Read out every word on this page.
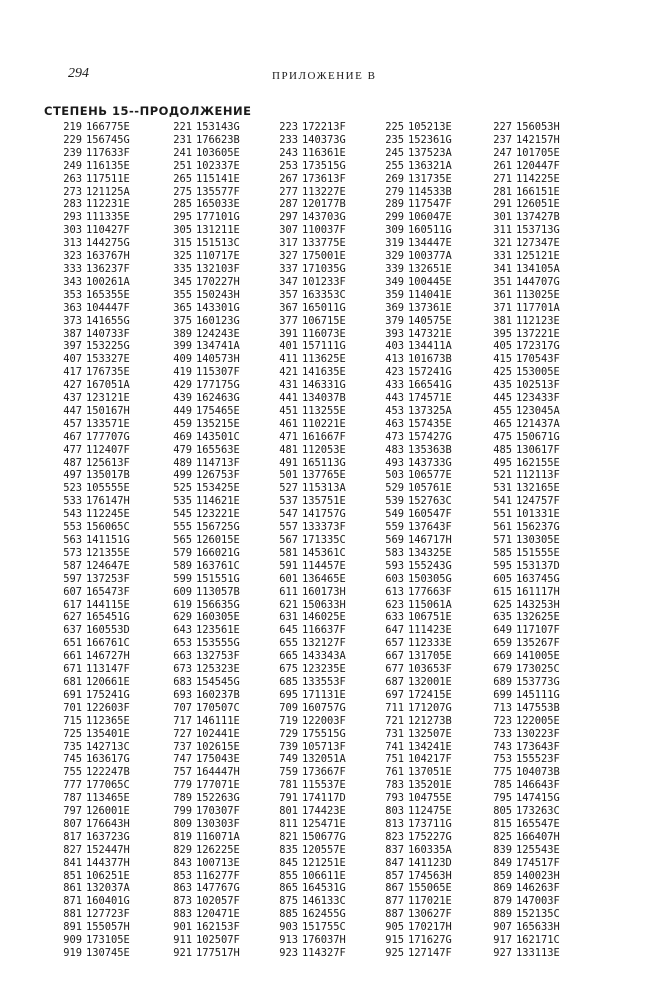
294	ПРИЛОЖЕНИЕ В
СТЕПЕНЬ 15--ПРОДОЛЖЕНИЕ
219 166775E	221 153143G	223 172213F	225 105213E	227 156053H
229 156745G	231 176623B	233 140373G	235 152361G	237 142157H
239 117633F	241 103605E	243 116361E	245 137523A	247 101705E
249 116135E	251 102337E	253 173515G	255 136321A	261 120447F
263 117511E	265 115141E	267 173613F	269 131735E	271 114225E
273 121125A	275 135577F	277 113227E	279 114533B	281 166151E
283 112231E	285 165033E	287 120177B	289 117547F	291 126051E
293 111335E	295 177101G	297 143703G	299 106047E	301 137427B
303 110427F	305 131211E	307 110037F	309 160511G	311 153713G
313 144275G	315 151513C	317 133775E	319 134447E	321 127347E
323 163767H	325 110717E	327 175001E	329 100377A	331 125121E
333 136237F	335 132103F	337 171035G	339 132651E	341 134105A
343 100261A	345 170227H	347 101233F	349 100445E	351 144707G
353 165355E	355 150243H	357 163353C	359 114041E	361 113025E
363 104447F	365 143301G	367 165011G	369 137361E	371 117701A
373 141655G	375 160123G	377 106715E	379 140575E	381 112123E
387 140733F	389 124243E	391 116073E	393 147321E	395 137221E
397 153225G	399 134741A	401 157111G	403 134411A	405 172317G
407 153327E	409 140573H	411 113625E	413 101673B	415 170543F
417 176735E	419 115307F	421 141635E	423 157241G	425 153005E
427 167051A	429 177175G	431 146331G	433 166541G	435 102513F
437 123121E	439 162463G	441 134037B	443 174571E	445 123433F
447 150167H	449 175465E	451 113255E	453 137325A	455 123045A
457 133571E	459 135215E	461 110221E	463 157435E	465 121437A
467 177707G	469 143501C	471 161667F	473 157427G	475 150671G
477 112407F	479 165563E	481 112053E	483 135363B	485 130617F
487 125613F	489 114713F	491 165113G	493 143733G	495 162155E
497 135017B	499 126753F	501 137765E	503 106577E	521 112113F
523 105555E	525 153425E	527 115313A	529 105761E	531 132165E
533 176147H	535 114621E	537 135751E	539 152763C	541 124757F
543 112245E	545 123221E	547 141757G	549 160547F	551 101331E
553 156065C	555 156725G	557 133373F	559 137643F	561 156237G
563 141151G	565 126015E	567 171335C	569 146717H	571 130305E
573 121355E	579 166021G	581 145361C	583 134325E	585 151555E
587 124647E	589 163761C	591 114457E	593 155243G	595 153137D
597 137253F	599 151551G	601 136465E	603 150305G	605 163745G
607 165473F	609 113057B	611 160173H	613 177663F	615 161117H
617 144115E	619 156635G	621 150633H	623 115061A	625 143253H
627 165451G	629 160305E	631 146025E	633 106751E	635 132625E
637 160553D	643 123561E	645 116637F	647 111423E	649 117107F
651 166761C	653 153555G	655 132127F	657 112333E	659 135267F
661 146727H	663 132753F	665 143343A	667 131705E	669 141005E
671 113147F	673 125323E	675 123235E	677 103653F	679 173025C
681 120661E	683 154545G	685 133553F	687 132001E	689 153773G
691 175241G	693 160237B	695 171131E	697 172415E	699 145111G
701 122603F	707 170507C	709 160757G	711 171207G	713 147553B
715 112365E	717 146111E	719 122003F	721 121273B	723 122005E
725 135401E	727 102441E	729 175515G	731 132507E	733 130223F
735 142713C	737 102615E	739 105713F	741 134241E	743 173643F
745 163617G	747 175043E	749 132051A	751 104217F	753 155523F
755 122247B	757 164447H	759 173667F	761 137051E	775 104073B
777 177065C	779 177071E	781 115537E	783 135201E	785 146643F
787 113465E	789 152263G	791 174117D	793 104755E	795 147415G
797 126001E	799 170307F	801 174423E	803 112475E	805 173263C
807 176643H	809 130303F	811 125471E	813 173711G	815 165547E
817 163723G	819 116071A	821 150677G	823 175227G	825 166407H
827 152447H	829 126225E	835 120557E	837 160335A	839 125543E
841 144377H	843 100713E	845 121251E	847 141123D	849 174517F
851 106251E	853 116277F	855 106611E	857 174563H	859 140023H
861 132037A	863 147767G	865 164531G	867 155065E	869 146263F
871 160401G	873 102057F	875 146133C	877 117021E	879 147003F
881 127723F	883 120471E	885 162455G	887 130627F	889 152135C
891 155057H	901 162153F	903 151755C	905 170217H	907 165633H
909 173105E	911 102507F	913 176037H	915 171627G	917 162171C
919 130745E	921 177517H	923 114327F	925 127147F	927 133113E
